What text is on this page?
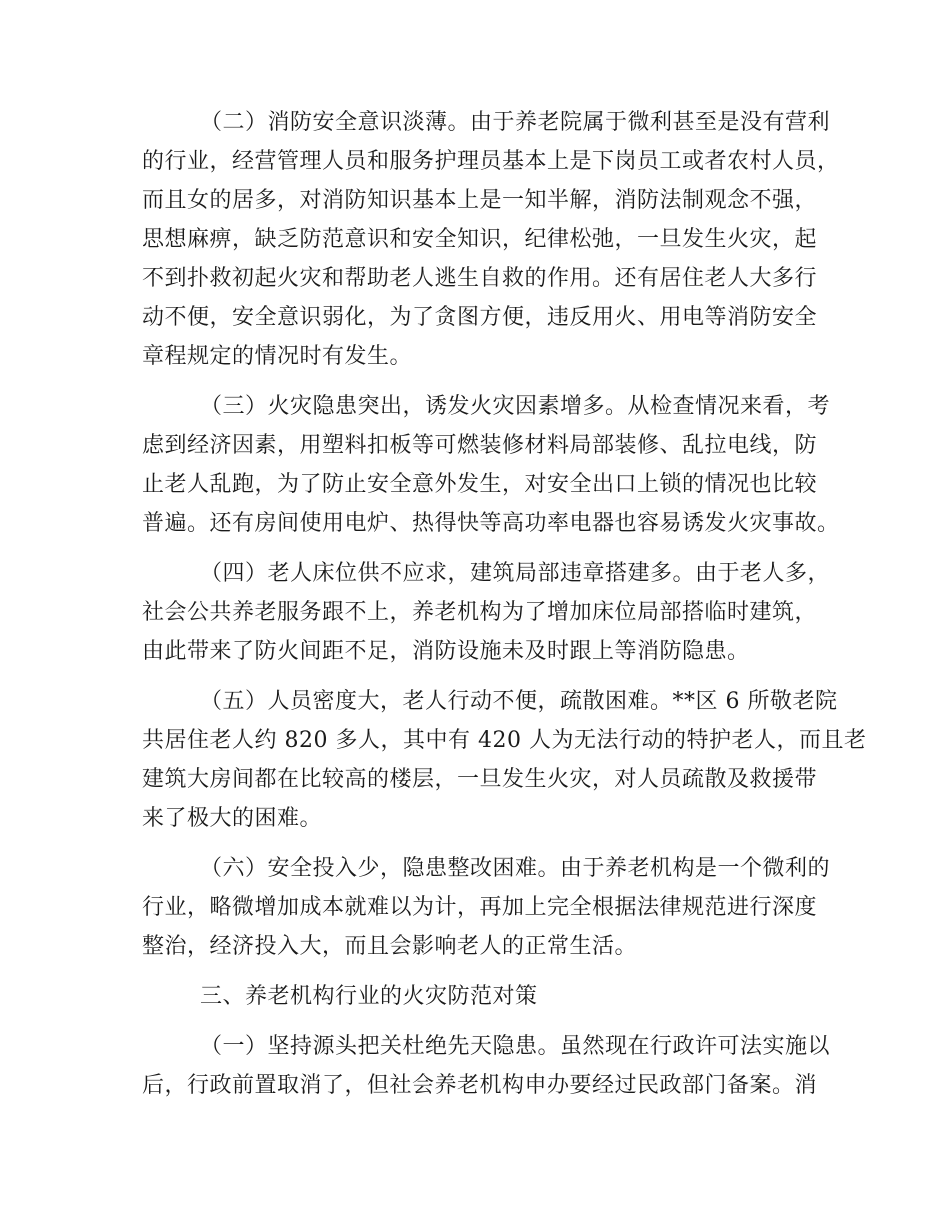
（二）消防安全意识淡薄。由于养老院属于微利甚至是没有营利
的行业，经营管理人员和服务护理员基本上是下岗员工或者农村人员，
而且女的居多，对消防知识基本上是一知半解，消防法制观念不强，
思想麻痹，缺乏防范意识和安全知识，纪律松弛，一旦发生火灾，起
不到扑救初起火灾和帮助老人逃生自救的作用。还有居住老人大多行
动不便，安全意识弱化，为了贪图方便，违反用火、用电等消防安全
章程规定的情况时有发生。
（三）火灾隐患突出，诱发火灾因素增多。从检查情况来看，考
虑到经济因素，用塑料扣板等可燃装修材料局部装修、乱拉电线，防
止老人乱跑，为了防止安全意外发生，对安全出口上锁的情况也比较
普遍。还有房间使用电炉、热得快等高功率电器也容易诱发火灾事故。
（四）老人床位供不应求，建筑局部违章搭建多。由于老人多，
社会公共养老服务跟不上，养老机构为了增加床位局部搭临时建筑，
由此带来了防火间距不足，消防设施未及时跟上等消防隐患。
（五）人员密度大，老人行动不便，疏散困难。**区 6 所敬老院
共居住老人约 820 多人，其中有 420 人为无法行动的特护老人，而且老
建筑大房间都在比较高的楼层，一旦发生火灾，对人员疏散及救援带
来了极大的困难。
（六）安全投入少，隐患整改困难。由于养老机构是一个微利的
行业，略微增加成本就难以为计，再加上完全根据法律规范进行深度
整治，经济投入大，而且会影响老人的正常生活。
三、养老机构行业的火灾防范对策
（一）坚持源头把关杜绝先天隐患。虽然现在行政许可法实施以
后，行政前置取消了，但社会养老机构申办要经过民政部门备案。消
